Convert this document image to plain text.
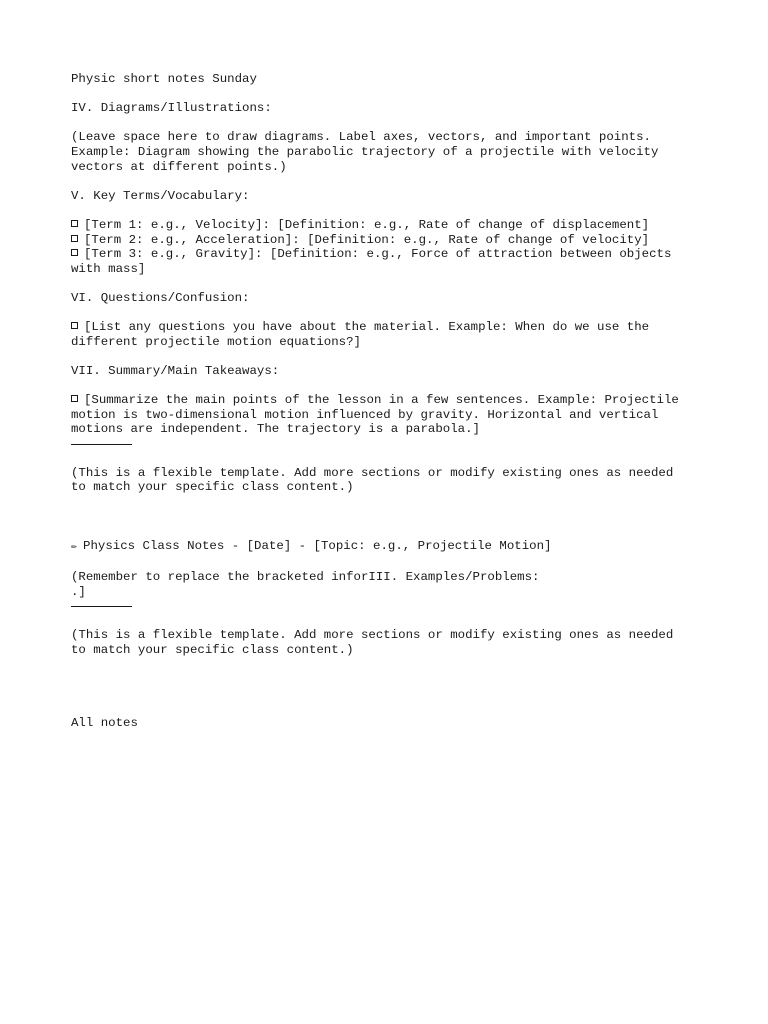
Physic short notes Sunday
IV. Diagrams/Illustrations:
(Leave space here to draw diagrams. Label axes, vectors, and important points.
Example: Diagram showing the parabolic trajectory of a projectile with velocity
vectors at different points.)
V. Key Terms/Vocabulary:
[Term 1: e.g., Velocity]: [Definition: e.g., Rate of change of displacement]
[Term 2: e.g., Acceleration]: [Definition: e.g., Rate of change of velocity]
[Term 3: e.g., Gravity]: [Definition: e.g., Force of attraction between objects
with mass]
VI. Questions/Confusion:
[List any questions you have about the material. Example: When do we use the
different projectile motion equations?]
VII. Summary/Main Takeaways:
[Summarize the main points of the lesson in a few sentences. Example: Projectile
motion is two-dimensional motion influenced by gravity. Horizontal and vertical
motions are independent. The trajectory is a parabola.]
(This is a flexible template. Add more sections or modify existing ones as needed
to match your specific class content.)
✏ Physics Class Notes - [Date] - [Topic: e.g., Projectile Motion]
(Remember to replace the bracketed inforIII. Examples/Problems:
.]
(This is a flexible template. Add more sections or modify existing ones as needed
to match your specific class content.)
All notes
